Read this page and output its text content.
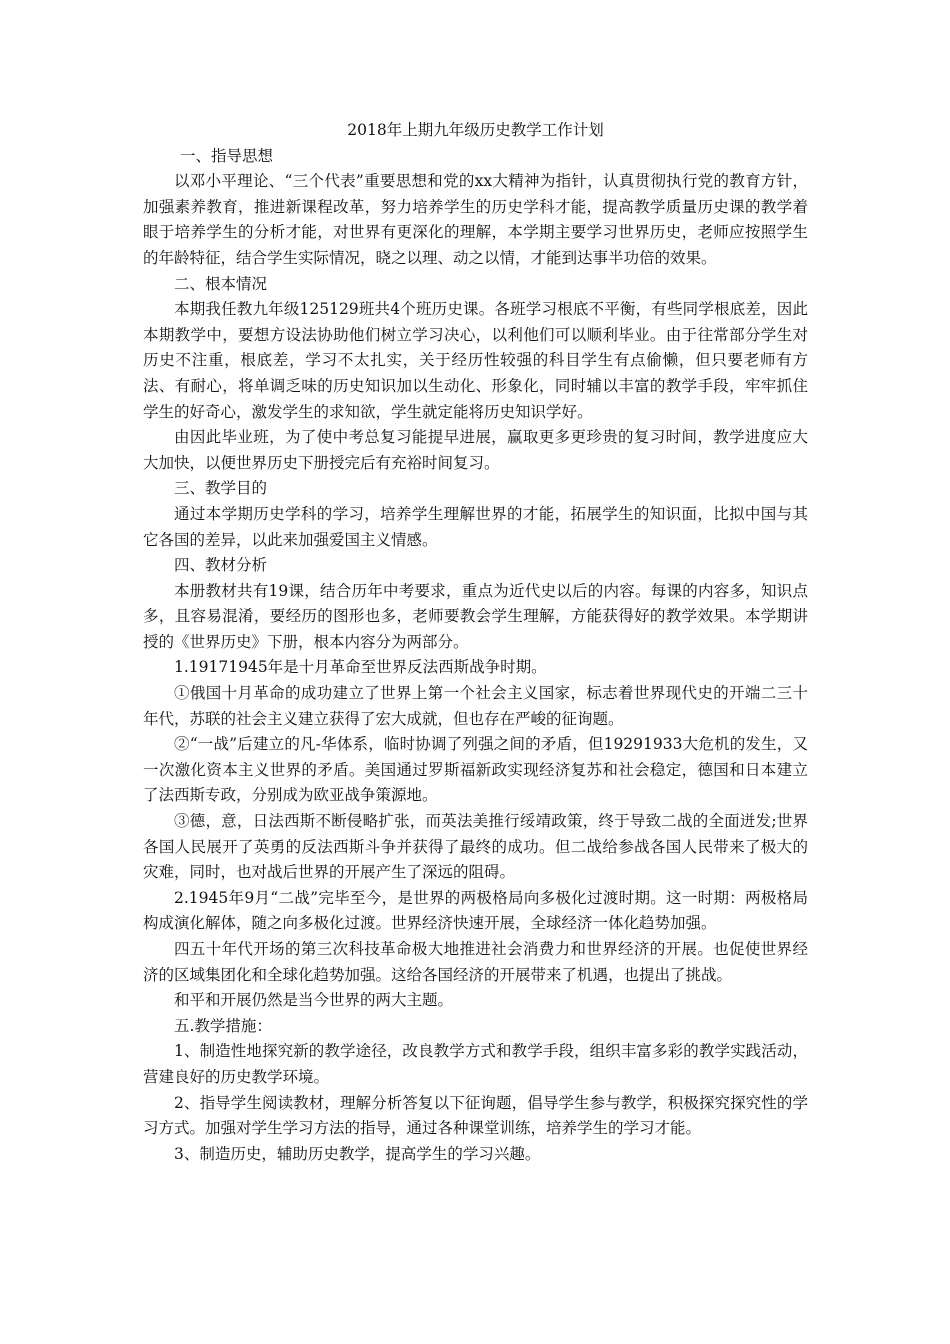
2018年上期九年级历史教学工作计划

一、指导思想

以邓小平理论、“三个代表”重要思想和党的xx大精神为指针，认真贯彻执行党的教育方针，加强素养教育，推进新课程改革，努力培养学生的历史学科才能，提高教学质量历史课的教学着眼于培养学生的分析才能，对世界有更深化的理解，本学期主要学习世界历史，老师应按照学生的年龄特征，结合学生实际情况，晓之以理、动之以情，才能到达事半功倍的效果。

二、根本情况

本期我任教九年级125129班共4个班历史课。各班学习根底不平衡，有些同学根底差，因此本期教学中，要想方设法协助他们树立学习决心，以利他们可以顺利毕业。由于往常部分学生对历史不注重，根底差，学习不太扎实，关于经历性较强的科目学生有点偷懒，但只要老师有方法、有耐心，将单调乏味的历史知识加以生动化、形象化，同时辅以丰富的教学手段，牢牢抓住学生的好奇心，激发学生的求知欲，学生就定能将历史知识学好。

由因此毕业班，为了使中考总复习能提早进展，赢取更多更珍贵的复习时间，教学进度应大大加快，以便世界历史下册授完后有充裕时间复习。

三、教学目的

通过本学期历史学科的学习，培养学生理解世界的才能，拓展学生的知识面，比拟中国与其它各国的差异，以此来加强爱国主义情感。

四、教材分析

本册教材共有19课，结合历年中考要求，重点为近代史以后的内容。每课的内容多，知识点多，且容易混淆，要经历的图形也多，老师要教会学生理解，方能获得好的教学效果。本学期讲授的《世界历史》下册，根本内容分为两部分。

1.19171945年是十月革命至世界反法西斯战争时期。

①俄国十月革命的成功建立了世界上第一个社会主义国家，标志着世界现代史的开端二三十年代，苏联的社会主义建立获得了宏大成就，但也存在严峻的征询题。

②“一战”后建立的凡-华体系，临时协调了列强之间的矛盾，但19291933大危机的发生，又一次激化资本主义世界的矛盾。美国通过罗斯福新政实现经济复苏和社会稳定，德国和日本建立了法西斯专政，分别成为欧亚战争策源地。

③德，意，日法西斯不断侵略扩张，而英法美推行绥靖政策，终于导致二战的全面迸发;世界各国人民展开了英勇的反法西斯斗争并获得了最终的成功。但二战给参战各国人民带来了极大的灾难，同时，也对战后世界的开展产生了深远的阻碍。

2.1945年9月“二战”完毕至今，是世界的两极格局向多极化过渡时期。这一时期：两极格局构成演化解体，随之向多极化过渡。世界经济快速开展，全球经济一体化趋势加强。

四五十年代开场的第三次科技革命极大地推进社会消费力和世界经济的开展。也促使世界经济的区域集团化和全球化趋势加强。这给各国经济的开展带来了机遇，也提出了挑战。

和平和开展仍然是当今世界的两大主题。

五.教学措施：

1、制造性地探究新的教学途径，改良教学方式和教学手段，组织丰富多彩的教学实践活动，营建良好的历史教学环境。

2、指导学生阅读教材，理解分析答复以下征询题，倡导学生参与教学，积极探究探究性的学习方式。加强对学生学习方法的指导，通过各种课堂训练，培养学生的学习才能。

3、制造历史，辅助历史教学，提高学生的学习兴趣。
